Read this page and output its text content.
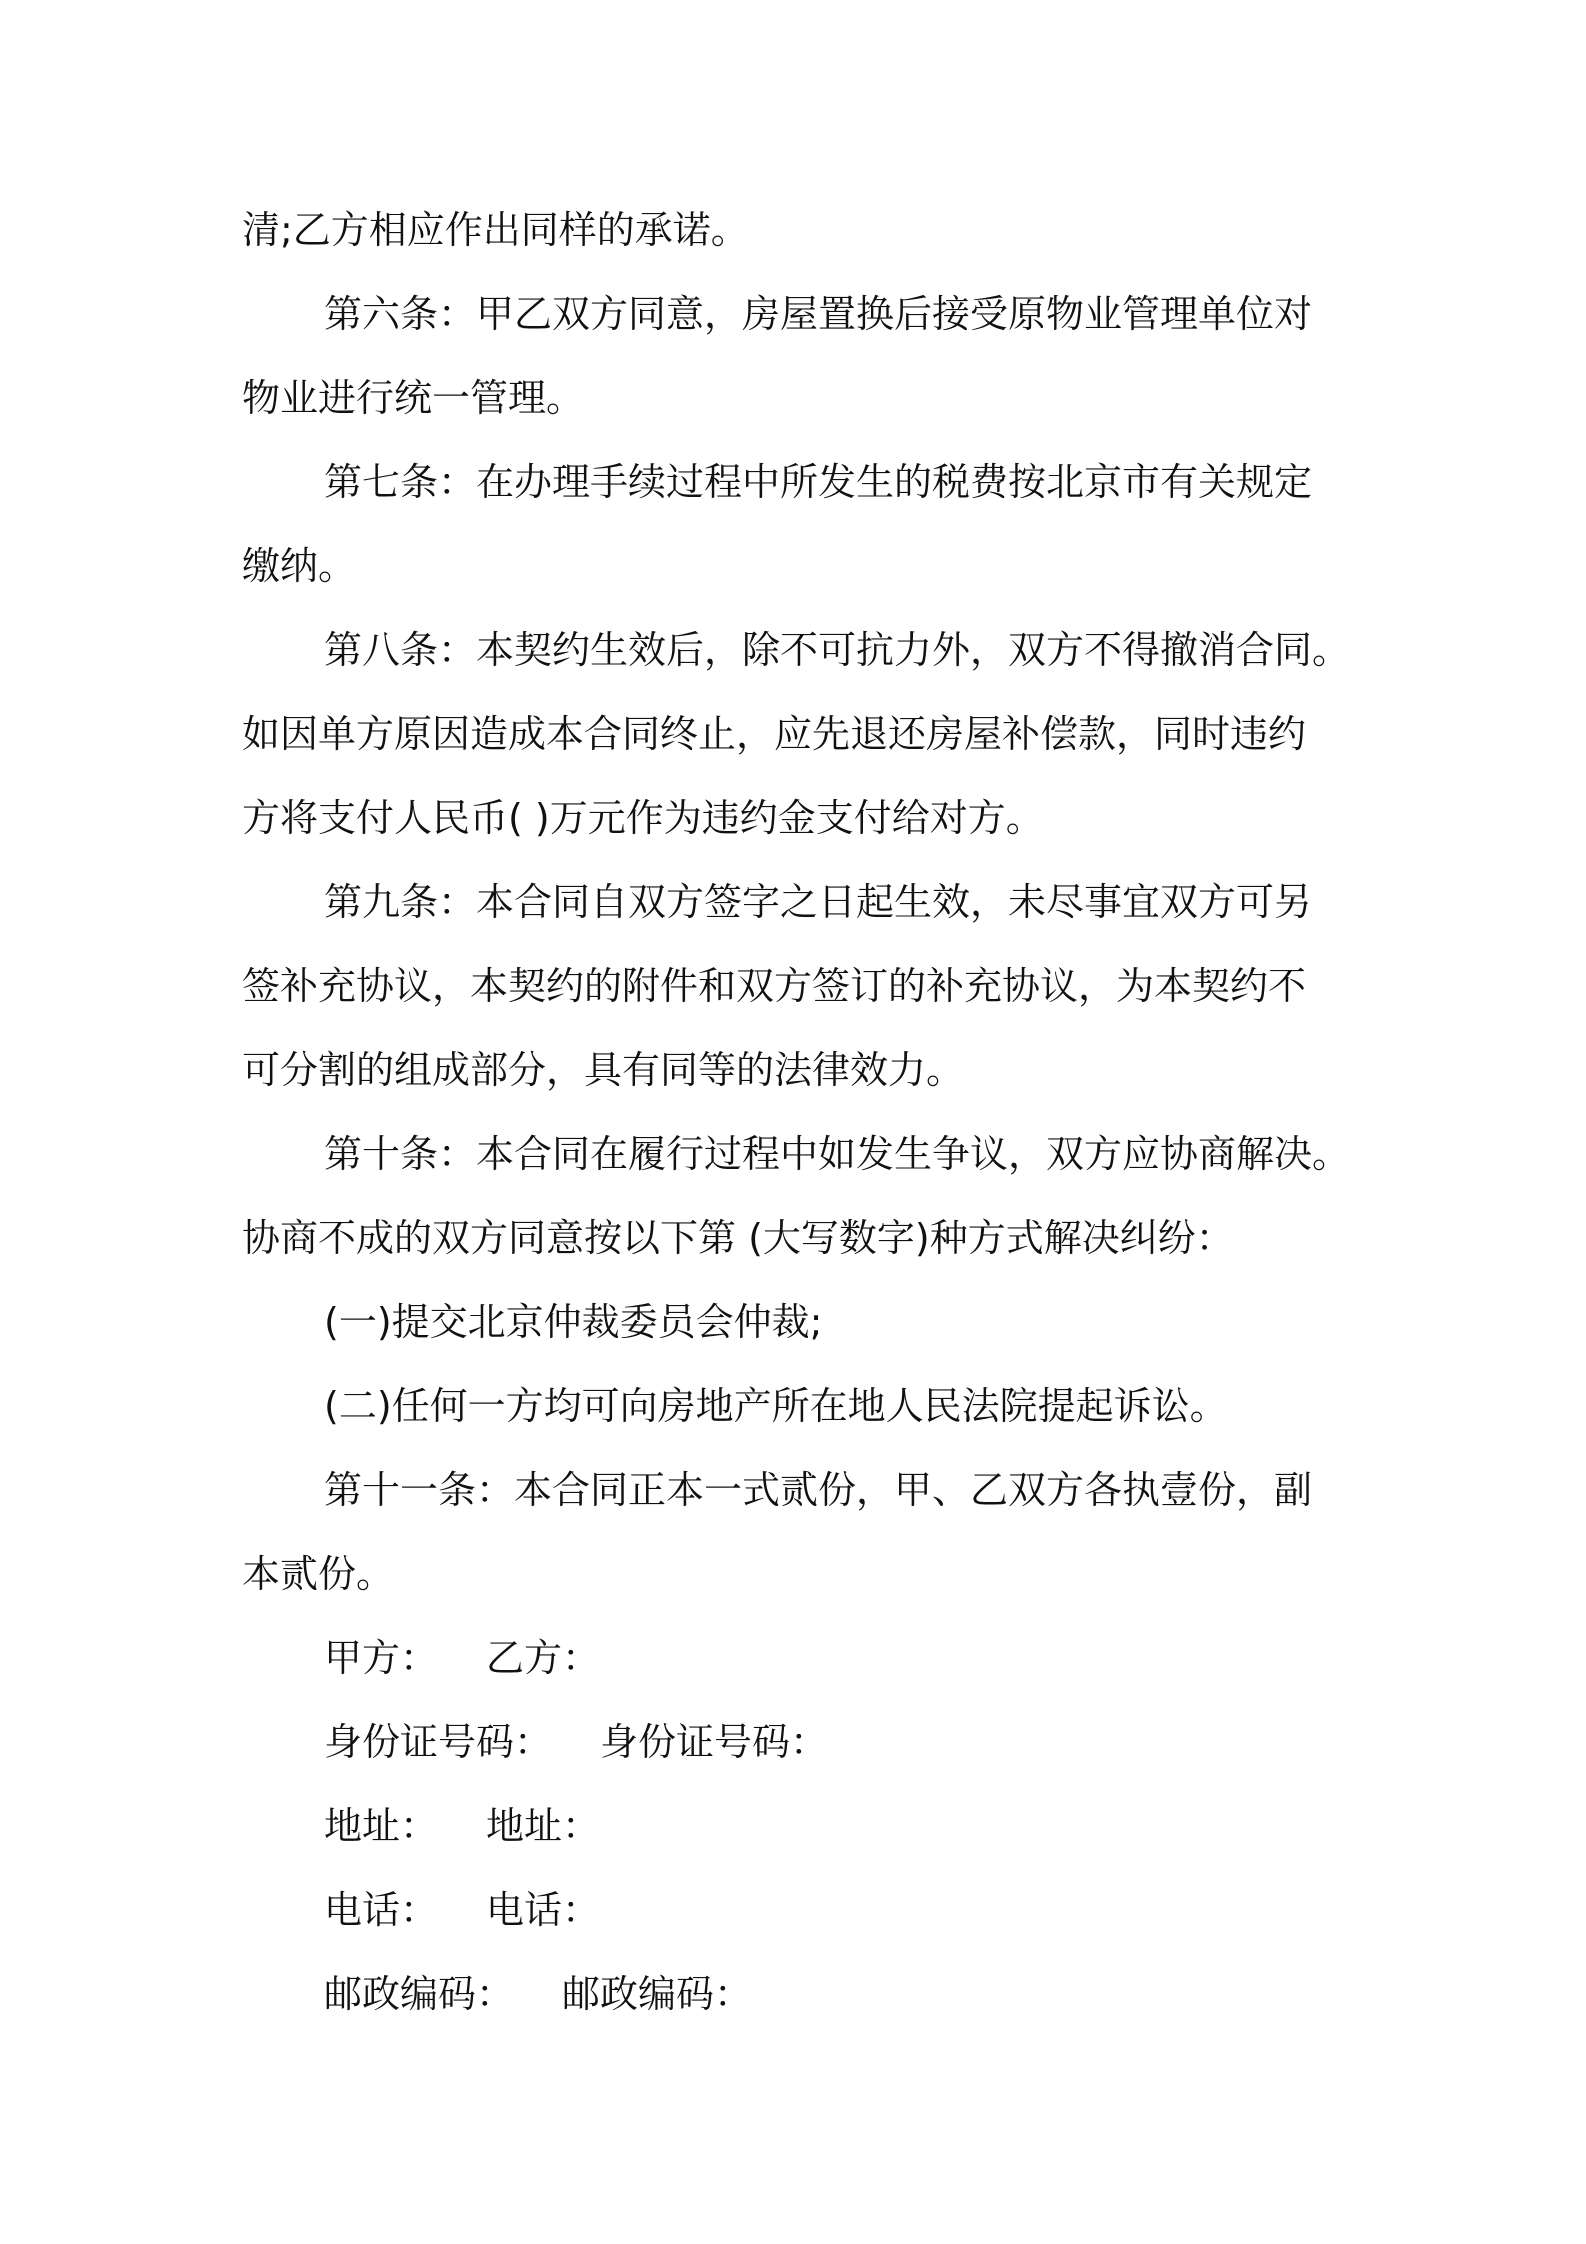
清;乙方相应作出同样的承诺。
第六条：甲乙双方同意，房屋置换后接受原物业管理单位对
物业进行统一管理。
第七条：在办理手续过程中所发生的税费按北京市有关规定
缴纳。
第八条：本契约生效后，除不可抗力外，双方不得撤消合同。
如因单方原因造成本合同终止，应先退还房屋补偿款，同时违约
方将支付人民币( )万元作为违约金支付给对方。
第九条：本合同自双方签字之日起生效，未尽事宜双方可另
签补充协议，本契约的附件和双方签订的补充协议，为本契约不
可分割的组成部分，具有同等的法律效力。
第十条：本合同在履行过程中如发生争议，双方应协商解决。
协商不成的双方同意按以下第 (大写数字)种方式解决纠纷：
(一)提交北京仲裁委员会仲裁;
(二)任何一方均可向房地产所在地人民法院提起诉讼。
第十一条：本合同正本一式贰份，甲、乙双方各执壹份，副
本贰份。
甲方： 乙方：
身份证号码： 身份证号码：
地址： 地址：
电话： 电话：
邮政编码： 邮政编码：
